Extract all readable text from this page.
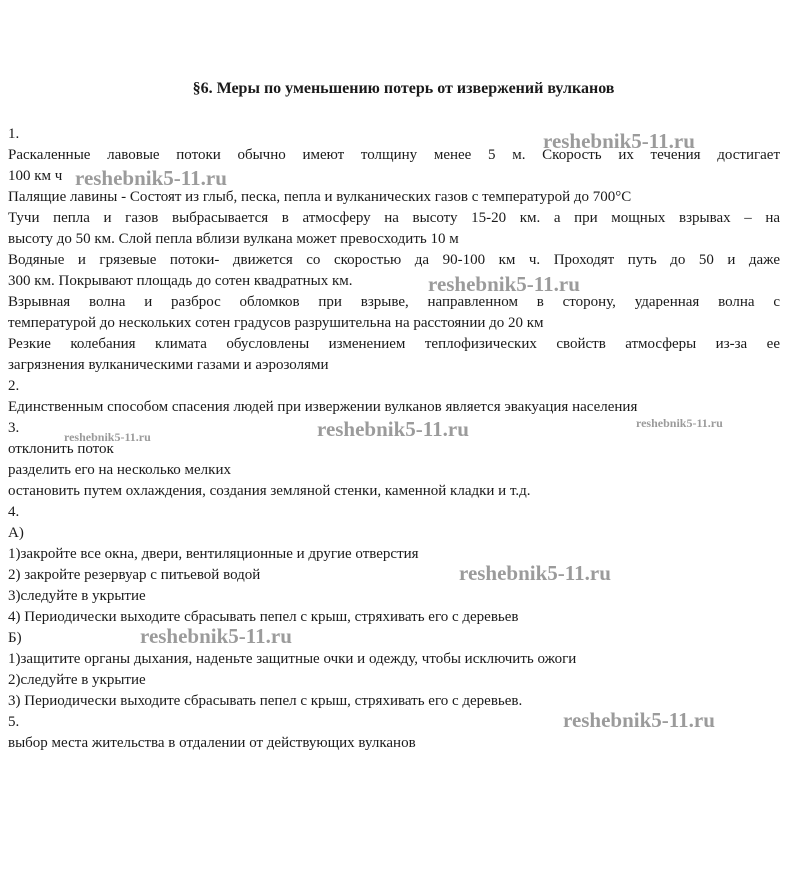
§6. Меры по уменьшению потерь от извержений вулканов
1.
Раскаленные лавовые потоки обычно имеют толщину менее 5 м. Скорость их течения достигает
100 км ч
Палящие лавины - Состоят из глыб, песка, пепла и вулканических газов с температурой до 700°С
Тучи пепла и газов выбрасывается в атмосферу на высоту 15-20 км. а при мощных взрывах – на
высоту до 50 км. Слой пепла вблизи вулкана может превосходить 10 м
Водяные и грязевые потоки- движется со скоростью да 90-100 км ч. Проходят путь до 50 и даже
300 км. Покрывают площадь до сотен квадратных км.
Взрывная волна и разброс обломков при взрыве, направленном в сторону, ударенная волна с
температурой до нескольких сотен градусов разрушительна на расстоянии до 20 км
Резкие колебания климата обусловлены изменением теплофизических свойств атмосферы из-за ее
загрязнения вулканическими газами и аэрозолями
2.
Единственным способом спасения людей при извержении вулканов является эвакуация населения
3.
отклонить поток
разделить его на несколько мелких
остановить путем охлаждения, создания земляной стенки, каменной кладки и т.д.
4.
А)
1)закройте все окна, двери, вентиляционные и другие отверстия
2) закройте резервуар с питьевой водой
3)следуйте в укрытие
4) Периодически выходите сбрасывать пепел с крыш, стряхивать его с деревьев
Б)
1)защитите органы дыхания, наденьте защитные очки и одежду, чтобы исключить ожоги
2)следуйте в укрытие
3) Периодически выходите сбрасывать пепел с крыш, стряхивать его с деревьев.
5.
выбор места жительства в отдалении от действующих вулканов
reshebnik5-11.ru
reshebnik5-11.ru
reshebnik5-11.ru
reshebnik5-11.ru
reshebnik5-11.ru
reshebnik5-11.ru
reshebnik5-11.ru
reshebnik5-11.ru
reshebnik5-11.ru
